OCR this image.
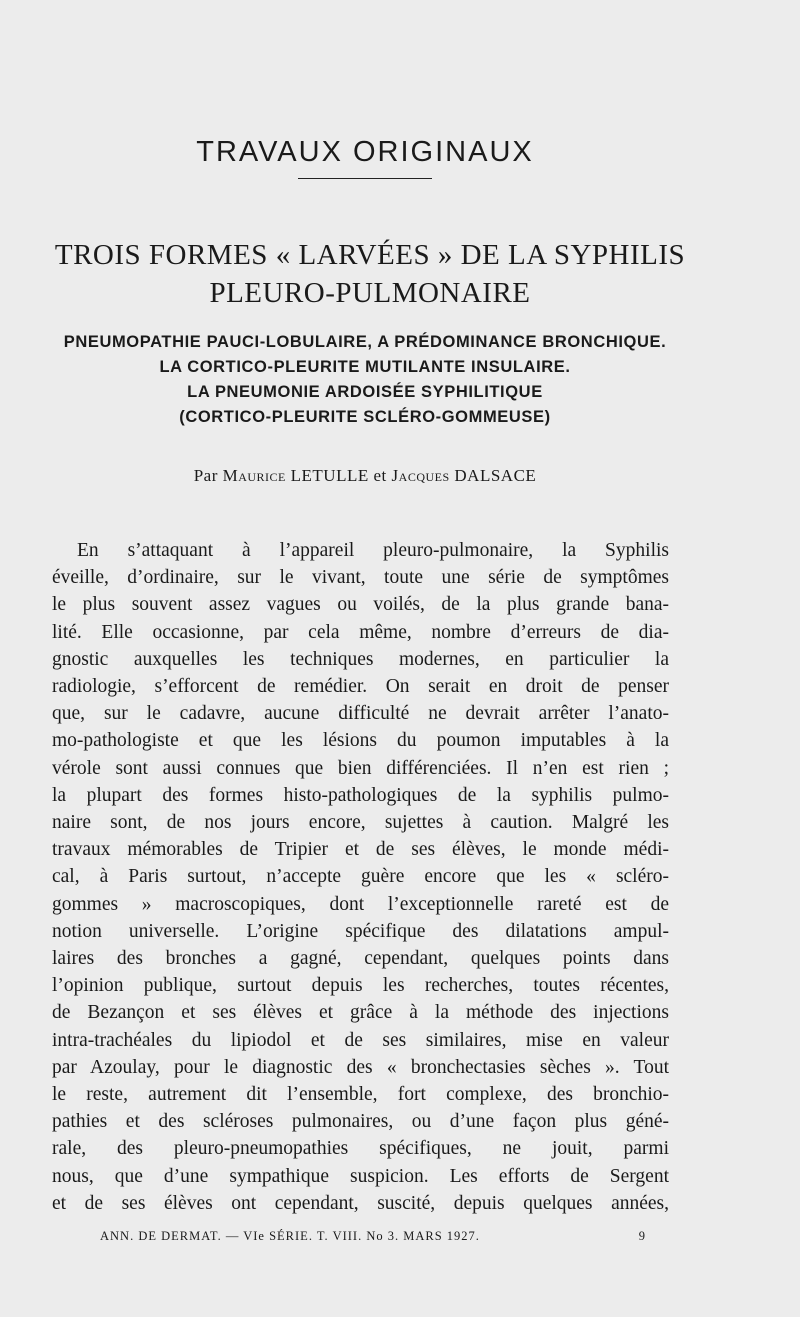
TRAVAUX ORIGINAUX
TROIS FORMES « LARVÉES » DE LA SYPHILIS
PLEURO-PULMONAIRE
PNEUMOPATHIE PAUCI-LOBULAIRE, A PRÉDOMINANCE BRONCHIQUE.
LA CORTICO-PLEURITE MUTILANTE INSULAIRE.
LA PNEUMONIE ARDOISÉE SYPHILITIQUE
(CORTICO-PLEURITE SCLÉRO-GOMMEUSE)
Par Maurice LETULLE et Jacques DALSACE
En s’attaquant à l’appareil pleuro-pulmonaire, la Syphilis
éveille, d’ordinaire, sur le vivant, toute une série de symptômes
le plus souvent assez vagues ou voilés, de la plus grande bana-
lité. Elle occasionne, par cela même, nombre d’erreurs de dia-
gnostic auxquelles les techniques modernes, en particulier la
radiologie, s’efforcent de remédier. On serait en droit de penser
que, sur le cadavre, aucune difficulté ne devrait arrêter l’anato-
mo-pathologiste et que les lésions du poumon imputables à la
vérole sont aussi connues que bien différenciées. Il n’en est rien ;
la plupart des formes histo-pathologiques de la syphilis pulmo-
naire sont, de nos jours encore, sujettes à caution. Malgré les
travaux mémorables de Tripier et de ses élèves, le monde médi-
cal, à Paris surtout, n’accepte guère encore que les « scléro-
gommes » macroscopiques, dont l’exceptionnelle rareté est de
notion universelle. L’origine spécifique des dilatations ampul-
laires des bronches a gagné, cependant, quelques points dans
l’opinion publique, surtout depuis les recherches, toutes récentes,
de Bezançon et ses élèves et grâce à la méthode des injections
intra-trachéales du lipiodol et de ses similaires, mise en valeur
par Azoulay, pour le diagnostic des « bronchectasies sèches ». Tout
le reste, autrement dit l’ensemble, fort complexe, des bronchio-
pathies et des scléroses pulmonaires, ou d’une façon plus géné-
rale, des pleuro-pneumopathies spécifiques, ne jouit, parmi
nous, que d’une sympathique suspicion. Les efforts de Sergent
et de ses élèves ont cependant, suscité, depuis quelques années,
ANN. DE DERMAT. — VIe SÉRIE. T. VIII. No 3. MARS 1927.	9
